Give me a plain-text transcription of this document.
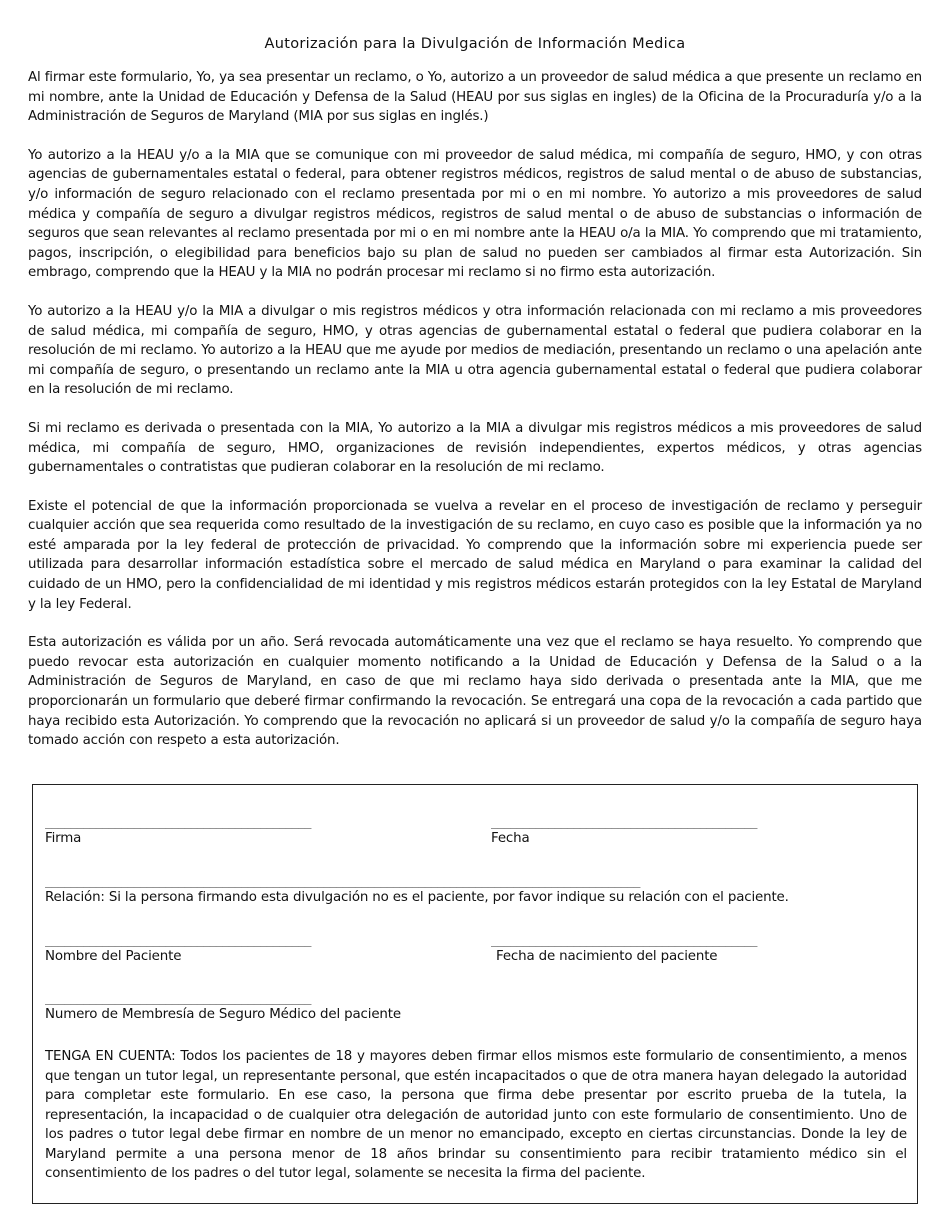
Autorización para la Divulgación de Información Medica

Al firmar este formulario, Yo, ya sea presentar un reclamo, o Yo, autorizo a un proveedor de salud médica a que presente un reclamo en mi nombre, ante la Unidad de Educación y Defensa de la Salud (HEAU por sus siglas en ingles) de la Oficina de la Procuraduría y/o a la Administración de Seguros de Maryland (MIA por sus siglas en inglés.)

Yo autorizo a la HEAU y/o a la MIA que se comunique con mi proveedor de salud médica, mi compañía de seguro, HMO, y con otras agencias de gubernamentales estatal o federal, para obtener registros médicos, registros de salud mental o de abuso de substancias, y/o información de seguro relacionado con el reclamo presentada por mi o en mi nombre. Yo autorizo a mis proveedores de salud médica y compañía de seguro a divulgar registros médicos, registros de salud mental o de abuso de substancias o información de seguros que sean relevantes al reclamo presentada por mi o en mi nombre ante la HEAU o/a la MIA. Yo comprendo que mi tratamiento, pagos, inscripción, o elegibilidad para beneficios bajo su plan de salud no pueden ser cambiados al firmar esta Autorización. Sin embrago, comprendo que la HEAU y la MIA no podrán procesar mi reclamo si no firmo esta autorización.

Yo autorizo a la HEAU y/o la MIA a divulgar o mis registros médicos y otra información relacionada con mi reclamo a mis proveedores de salud médica, mi compañía de seguro, HMO, y otras agencias de gubernamental estatal o federal que pudiera colaborar en la resolución de mi reclamo. Yo autorizo a la HEAU que me ayude por medios de mediación, presentando un reclamo o una apelación ante mi compañía de seguro, o presentando un reclamo ante la MIA u otra agencia gubernamental estatal o federal que pudiera colaborar en la resolución de mi reclamo.

Si mi reclamo es derivada o presentada con la MIA, Yo autorizo a la MIA a divulgar mis registros médicos a mis proveedores de salud médica, mi compañía de seguro, HMO, organizaciones de revisión independientes, expertos médicos, y otras agencias gubernamentales o contratistas que pudieran colaborar en la resolución de mi reclamo.

Existe el potencial de que la información proporcionada se vuelva a revelar en el proceso de investigación de reclamo y perseguir cualquier acción que sea requerida como resultado de la investigación de su reclamo, en cuyo caso es posible que la información ya no esté amparada por la ley federal de protección de privacidad. Yo comprendo que la información sobre mi experiencia puede ser utilizada para desarrollar información estadística sobre el mercado de salud médica en Maryland o para examinar la calidad del cuidado de un HMO, pero la confidencialidad de mi identidad y mis registros médicos estarán protegidos con la ley Estatal de Maryland y la ley Federal.

Esta autorización es válida por un año. Será revocada automáticamente una vez que el reclamo se haya resuelto. Yo comprendo que puedo revocar esta autorización en cualquier momento notificando a la Unidad de Educación y Defensa de la Salud o a la Administración de Seguros de Maryland, en caso de que mi reclamo haya sido derivada o presentada ante la MIA, que me proporcionarán un formulario que deberé firmar confirmando la revocación. Se entregará una copa de la revocación a cada partido que haya recibido esta Autorización. Yo comprendo que la revocación no aplicará si un proveedor de salud y/o la compañía de seguro haya tomado acción con respeto a esta autorización.

__________________________________________	__________________________________________
Firma	Fecha
______________________________________________________________________________________________
Relación: Si la persona firmando esta divulgación no es el paciente, por favor indique su relación con el paciente.
__________________________________________	__________________________________________
Nombre del Paciente	Fecha de nacimiento del paciente
__________________________________________
Numero de Membresía de Seguro Médico del paciente
TENGA EN CUENTA: Todos los pacientes de 18 y mayores deben firmar ellos mismos este formulario de consentimiento, a menos que tengan un tutor legal, un representante personal, que estén incapacitados o que de otra manera hayan delegado la autoridad para completar este formulario. En ese caso, la persona que firma debe presentar por escrito prueba de la tutela, la representación, la incapacidad o de cualquier otra delegación de autoridad junto con este formulario de consentimiento. Uno de los padres o tutor legal debe firmar en nombre de un menor no emancipado, excepto en ciertas circunstancias. Donde la ley de Maryland permite a una persona menor de 18 años brindar su consentimiento para recibir tratamiento médico sin el consentimiento de los padres o del tutor legal, solamente se necesita la firma del paciente.
